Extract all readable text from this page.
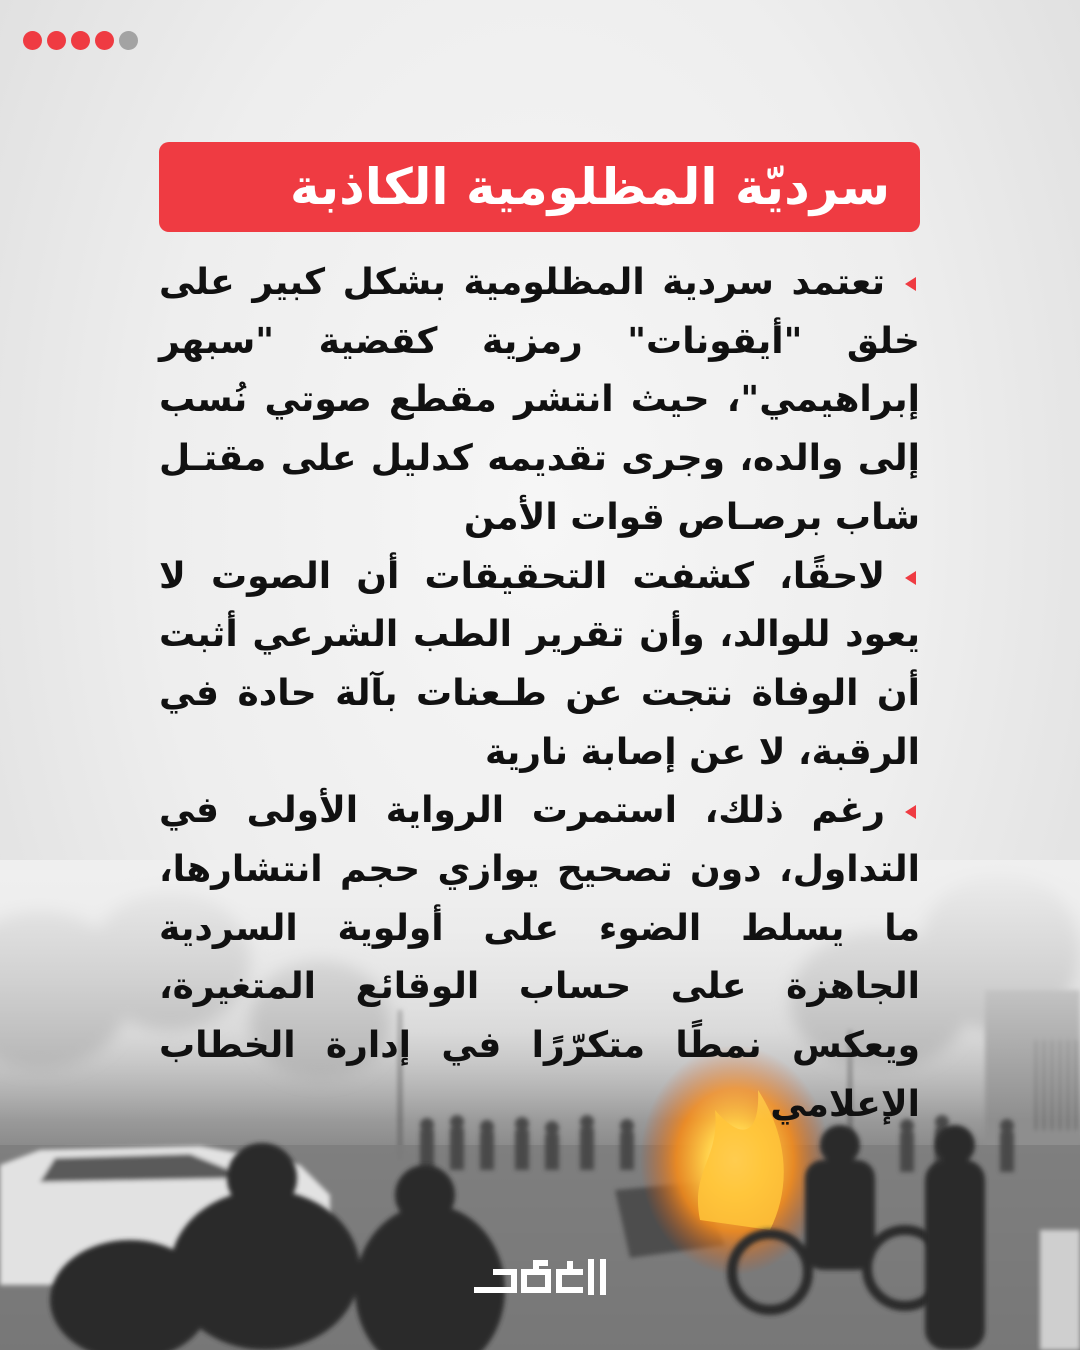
سرديّة المظلومية الكاذبة

تعتمد سردية المظلومية بشكل كبير على خلق "أيقونات" رمزية كقضية "سبهر إبراهيمي"، حيث انتشر مقطع صوتي نُسب إلى والده، وجرى تقديمه كدليل على مقتـل شاب برصـاص قوات الأمن

لاحقًا، كشفت التحقيقات أن الصوت لا يعود للوالد، وأن تقرير الطب الشرعي أثبت أن الوفاة نتجت عن طـعنات بآلة حادة في الرقبة، لا عن إصابة نارية

رغم ذلك، استمرت الرواية الأولى في التداول، دون تصحيح يوازي حجم انتشارها، ما يسلط الضوء على أولوية السردية الجاهزة على حساب الوقائع المتغيرة، ويعكس نمطًا متكرّرًا في إدارة الخطاب الإعلامي
